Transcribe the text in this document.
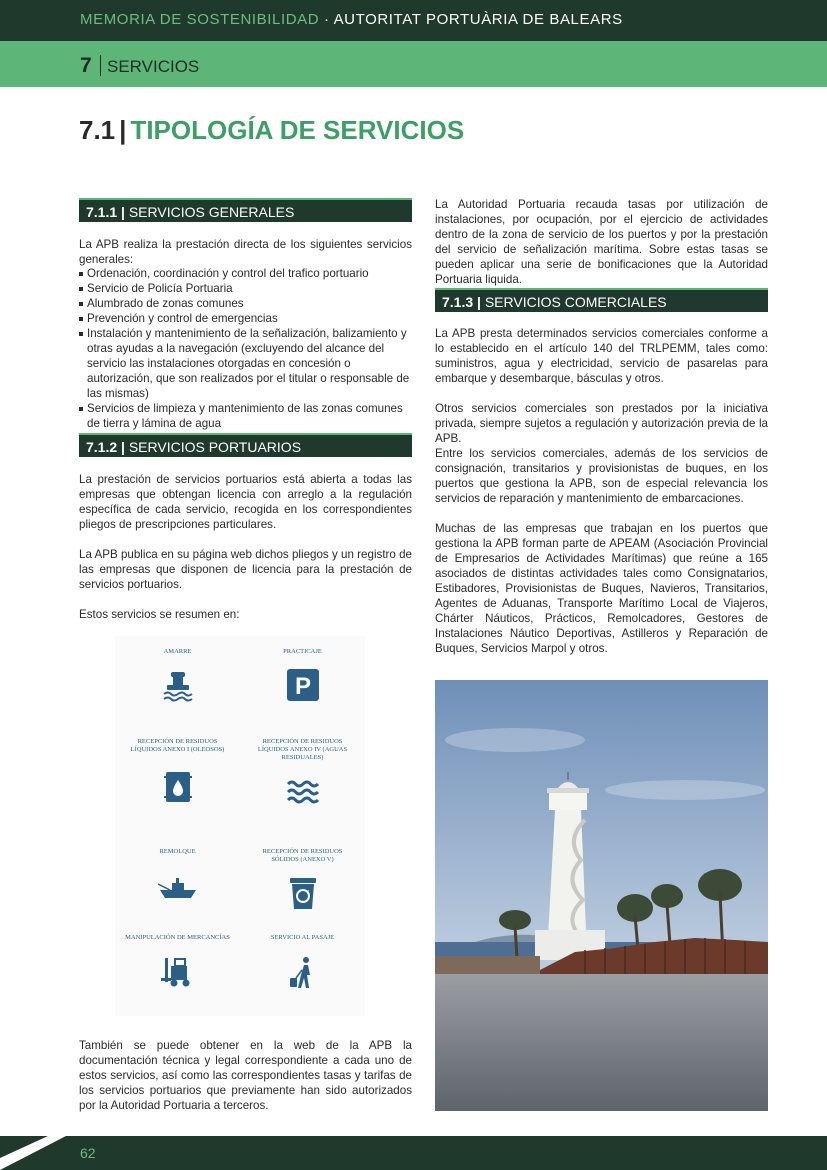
MEMORIA DE SOSTENIBILIDAD · AUTORITAT PORTUÀRIA DE BALEARS
7 SERVICIOS
7.1 | TIPOLOGÍA DE SERVICIOS
7.1.1 | SERVICIOS GENERALES
La APB realiza la prestación directa de los siguientes servicios generales:
Ordenación, coordinación y control del trafico portuario
Servicio de Policía Portuaria
Alumbrado de zonas comunes
Prevención y control de emergencias
Instalación y mantenimiento de la señalización, balizamiento y otras ayudas a la navegación (excluyendo del alcance del servicio las instalaciones otorgadas en concesión o autorización, que son realizados por el titular o responsable de las mismas)
Servicios de limpieza y mantenimiento de las zonas comunes de tierra y lámina de agua
7.1.2 | SERVICIOS PORTUARIOS
La prestación de servicios portuarios está abierta a todas las empresas que obtengan licencia con arreglo a la regulación específica de cada servicio, recogida en los correspondientes pliegos de prescripciones particulares.
La APB publica en su página web dichos pliegos y un registro de las empresas que disponen de licencia para la prestación de servicios portuarios.
Estos servicios se resumen en:
AMARRE	PRACTICAJE
P
RECEPCIÓN DE RESIDUOS LÍQUIDOS ANEXO I (OLEOSOS)
RECEPCIÓN DE RESIDUOS LÍQUIDOS ANEXO IV (AGUAS RESIDUALES)
REMOLQUE	RECEPCIÓN DE RESIDUOS SÓLIDOS (ANEXO V)
MANIPULACIÓN DE MERCANCÍAS	SERVICIO AL PASAJE
También se puede obtener en la web de la APB la documentación técnica y legal correspondiente a cada uno de estos servicios, así como las correspondientes tasas y tarifas de los servicios portuarios que previamente han sido autorizados por la Autoridad Portuaria a terceros.
La Autoridad Portuaria recauda tasas por utilización de instalaciones, por ocupación, por el ejercicio de actividades dentro de la zona de servicio de los puertos y por la prestación del servicio de señalización marítima. Sobre estas tasas se pueden aplicar una serie de bonificaciones que la Autoridad Portuaria liquida.
7.1.3 | SERVICIOS COMERCIALES
La APB presta determinados servicios comerciales conforme a lo establecido en el artículo 140 del TRLPEMM, tales como: suministros, agua y electricidad, servicio de pasarelas para embarque y desembarque, básculas y otros.
Otros servicios comerciales son prestados por la iniciativa privada, siempre sujetos a regulación y autorización previa de la APB.
Entre los servicios comerciales, además de los servicios de consignación, transitarios y provisionistas de buques, en los puertos que gestiona la APB, son de especial relevancia los servicios de reparación y mantenimiento de embarcaciones.
Muchas de las empresas que trabajan en los puertos que gestiona la APB forman parte de APEAM (Asociación Provincial de Empresarios de Actividades Marítimas) que reúne a 165 asociados de distintas actividades tales como Consignatarios, Estibadores, Provisionistas de Buques, Navieros, Transitarios, Agentes de Aduanas, Transporte Marítimo Local de Viajeros, Chárter Náuticos, Prácticos, Remolcadores, Gestores de Instalaciones Náutico Deportivas, Astilleros y Reparación de Buques, Servicios Marpol y otros.
62
